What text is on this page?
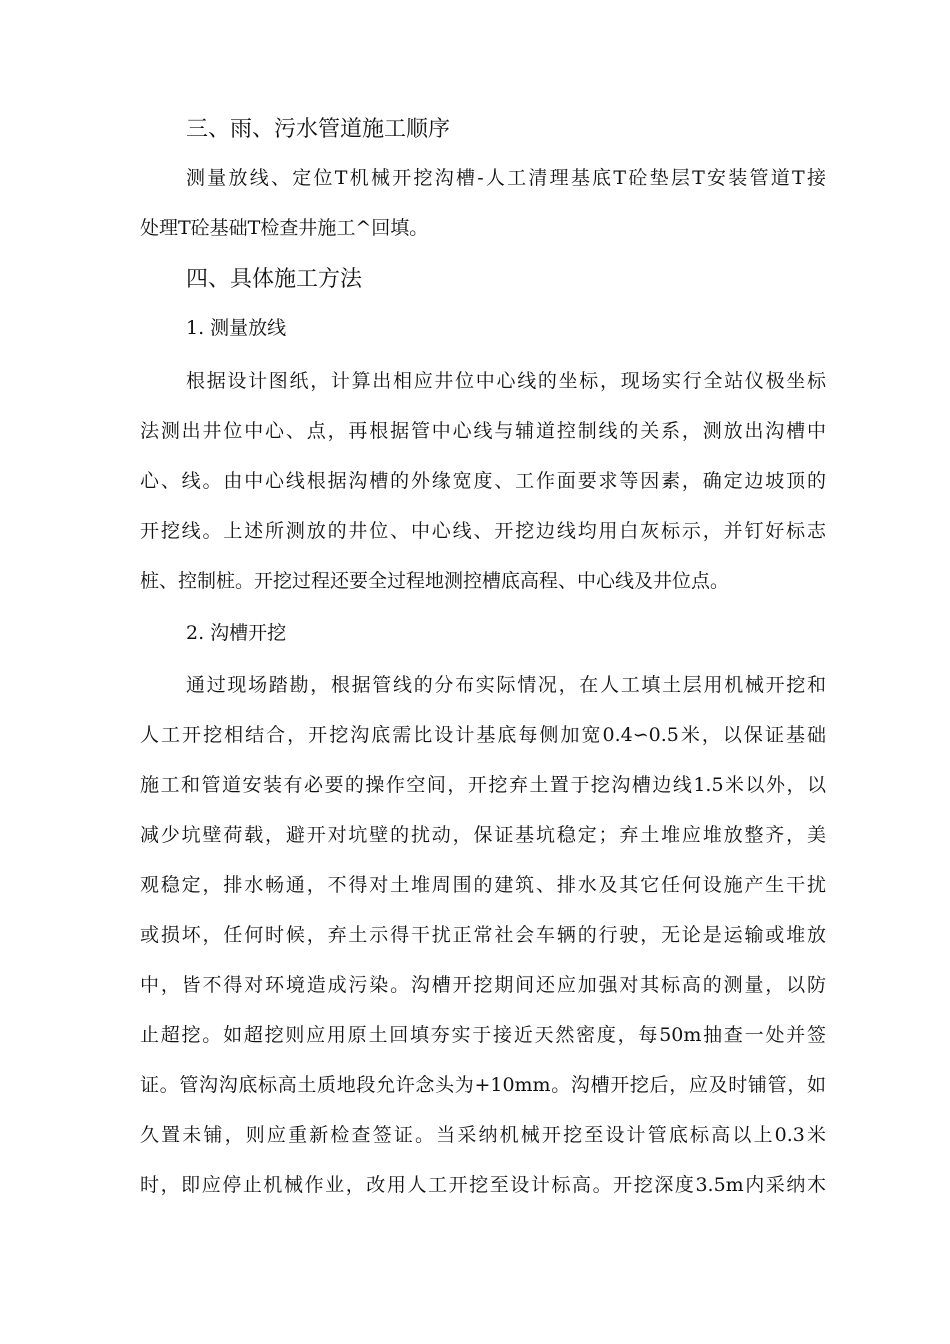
三、雨、污水管道施工顺序
测量放线、定位T机械开挖沟槽-人工清理基底T砼垫层T安装管道T接
处理T砼基础T检查井施工^回填。
四、具体施工方法
1. 测量放线
根据设计图纸，计算出相应井位中心线的坐标，现场实行全站仪极坐标
法测出井位中心、点，再根据管中心线与辅道控制线的关系，测放出沟槽中
心、线。由中心线根据沟槽的外缘宽度、工作面要求等因素，确定边坡顶的
开挖线。上述所测放的井位、中心线、开挖边线均用白灰标示，并钉好标志
桩、控制桩。开挖过程还要全过程地测控槽底高程、中心线及井位点。
2. 沟槽开挖
通过现场踏勘，根据管线的分布实际情况，在人工填土层用机械开挖和
人工开挖相结合，开挖沟底需比设计基底每侧加宽0.4∽0.5米，以保证基础
施工和管道安装有必要的操作空间，开挖弃土置于挖沟槽边线1.5米以外，以
减少坑壁荷载，避开对坑壁的扰动，保证基坑稳定；弃土堆应堆放整齐，美
观稳定，排水畅通，不得对土堆周围的建筑、排水及其它任何设施产生干扰
或损坏，任何时候，弃土示得干扰正常社会车辆的行驶，无论是运输或堆放
中，皆不得对环境造成污染。沟槽开挖期间还应加强对其标高的测量，以防
止超挖。如超挖则应用原土回填夯实于接近天然密度，每50m抽查一处并签
证。管沟沟底标高土质地段允许念头为+10mm。沟槽开挖后，应及时铺管，如
久置未铺，则应重新检查签证。当采纳机械开挖至设计管底标高以上0.3米
时，即应停止机械作业，改用人工开挖至设计标高。开挖深度3.5m内采纳木
